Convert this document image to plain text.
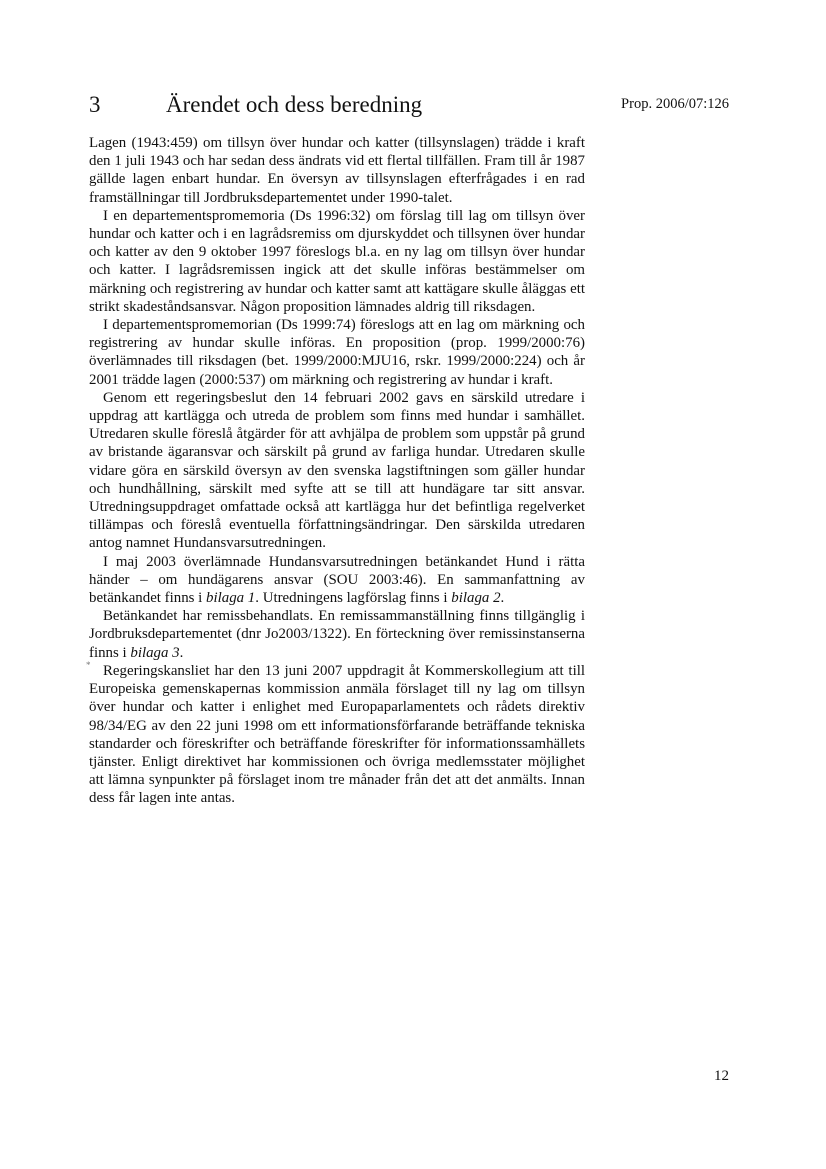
3	Ärendet och dess beredning	Prop. 2006/07:126
*

Lagen (1943:459) om tillsyn över hundar och katter (tillsynslagen) trädde i kraft den 1 juli 1943 och har sedan dess ändrats vid ett flertal tillfällen. Fram till år 1987 gällde lagen enbart hundar. En översyn av tillsynslagen efterfrågades i en rad framställningar till Jordbruksdepartementet under 1990-talet.

I en departementspromemoria (Ds 1996:32) om förslag till lag om tillsyn över hundar och katter och i en lagrådsremiss om djurskyddet och tillsynen över hundar och katter av den 9 oktober 1997 föreslogs bl.a. en ny lag om tillsyn över hundar och katter. I lagrådsremissen ingick att det skulle införas bestämmelser om märkning och registrering av hundar och katter samt att kattägare skulle åläggas ett strikt skadeståndsansvar. Någon proposition lämnades aldrig till riksdagen.

I departementspromemorian (Ds 1999:74) föreslogs att en lag om märkning och registrering av hundar skulle införas. En proposition (prop. 1999/2000:76) överlämnades till riksdagen (bet. 1999/2000:MJU16, rskr. 1999/2000:224) och år 2001 trädde lagen (2000:537) om märkning och registrering av hundar i kraft.

Genom ett regeringsbeslut den 14 februari 2002 gavs en särskild utredare i uppdrag att kartlägga och utreda de problem som finns med hundar i samhället. Utredaren skulle föreslå åtgärder för att avhjälpa de problem som uppstår på grund av bristande ägaransvar och särskilt på grund av farliga hundar. Utredaren skulle vidare göra en särskild översyn av den svenska lagstiftningen som gäller hundar och hundhållning, särskilt med syfte att se till att hundägare tar sitt ansvar. Utredningsuppdraget omfattade också att kartlägga hur det befintliga regelverket tillämpas och föreslå eventuella författningsändringar. Den särskilda utredaren antog namnet Hundansvarsutredningen.

I maj 2003 överlämnade Hundansvarsutredningen betänkandet Hund i rätta händer – om hundägarens ansvar (SOU 2003:46). En sammanfattning av betänkandet finns i bilaga 1. Utredningens lagförslag finns i bilaga 2.

Betänkandet har remissbehandlats. En remissammanställning finns tillgänglig i Jordbruksdepartementet (dnr Jo2003/1322). En förteckning över remissinstanserna finns i bilaga 3.

Regeringskansliet har den 13 juni 2007 uppdragit åt Kommerskollegium att till Europeiska gemenskapernas kommission anmäla förslaget till ny lag om tillsyn över hundar och katter i enlighet med Europaparlamentets och rådets direktiv 98/34/EG av den 22 juni 1998 om ett informationsförfarande beträffande tekniska standarder och föreskrifter och beträffande föreskrifter för informationssamhällets tjänster. Enligt direktivet har kommissionen och övriga medlemsstater möjlighet att lämna synpunkter på förslaget inom tre månader från det att det anmälts. Innan dess får lagen inte antas.

12
